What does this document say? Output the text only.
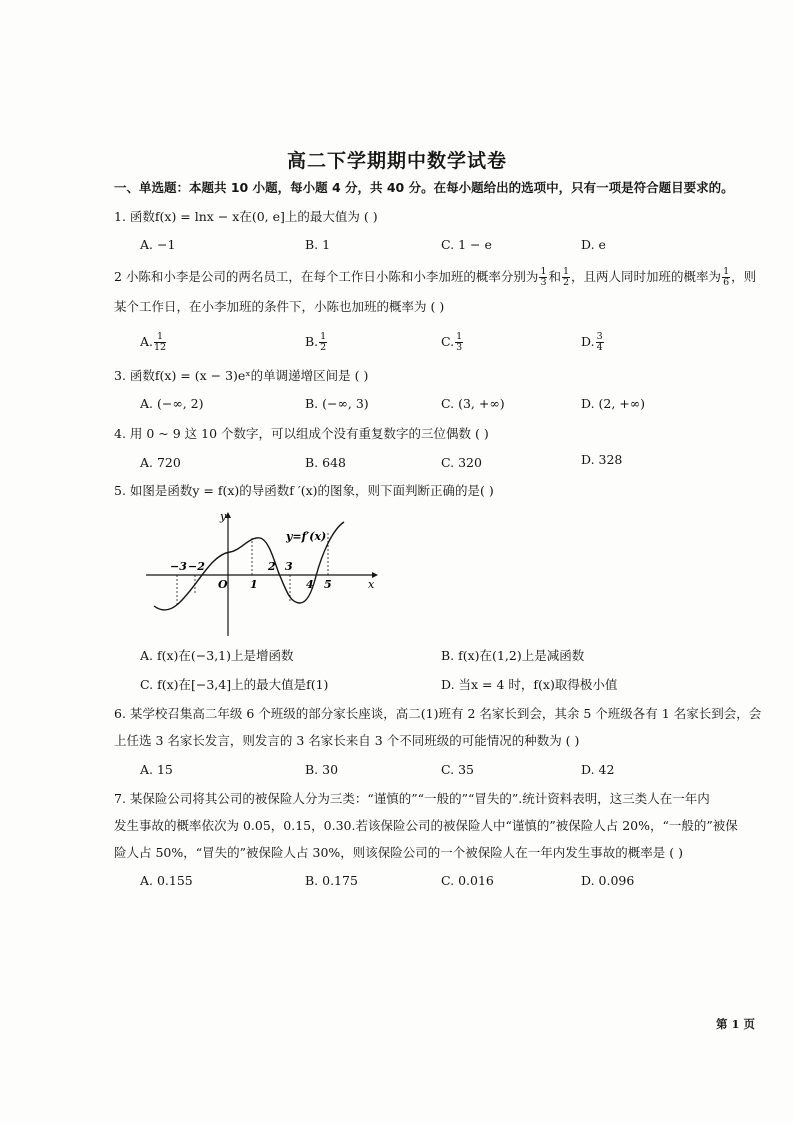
高二下学期期中数学试卷
一、单选题：本题共 10 小题，每小题 4 分，共 40 分。在每小题给出的选项中，只有一项是符合题目要求的。
1. 函数f(x) = lnx − x在(0, e]上的最大值为 ( )
A. −1	B. 1	C. 1 − e	D. e
2 小陈和小李是公司的两名员工，在每个工作日小陈和小李加班的概率分别为 $\frac{1}{3}$ 和 $\frac{1}{2}$ ，且两人同时加班的概率为 $\frac{1}{6}$ ，则
某个工作日，在小李加班的条件下，小陈也加班的概率为 ( )
A. $\frac{1}{12}$	B. $\frac{1}{2}$	C. $\frac{1}{3}$	D. $\frac{3}{4}$
3. 函数f(x) = (x − 3)eˣ的单调递增区间是 ( )
A. (−∞, 2)	B. (−∞, 3)	C. (3, +∞)	D. (2, +∞)
4. 用 0 ~ 9 这 10 个数字，可以组成个没有重复数字的三位偶数 ( )
A. 720	B. 648	C. 320	D. 328
5. 如图是函数y = f(x)的导函数f ′(x)的图象，则下面判断正确的是( )
x
y
O
−3 −2
1
2 3
4 5
y=f′(x)
A. f(x)在(−3,1)上是增函数	B. f(x)在(1,2)上是减函数
C. f(x)在[−3,4]上的最大值是f(1)	D. 当x = 4 时，f(x)取得极小值
6. 某学校召集高二年级 6 个班级的部分家长座谈，高二(1)班有 2 名家长到会，其余 5 个班级各有 1 名家长到会，会
上任选 3 名家长发言，则发言的 3 名家长来自 3 个不同班级的可能情况的种数为 ( )
A. 15	B. 30	C. 35	D. 42
7. 某保险公司将其公司的被保险人分为三类：“谨慎的”“一般的”“冒失的”.统计资料表明，这三类人在一年内
发生事故的概率依次为 0.05，0.15，0.30.若该保险公司的被保险人中“谨慎的”被保险人占 20%，“一般的”被保
险人占 50%，“冒失的”被保险人占 30%，则该保险公司的一个被保险人在一年内发生事故的概率是 ( )
A. 0.155	B. 0.175	C. 0.016	D. 0.096
第 1 页
